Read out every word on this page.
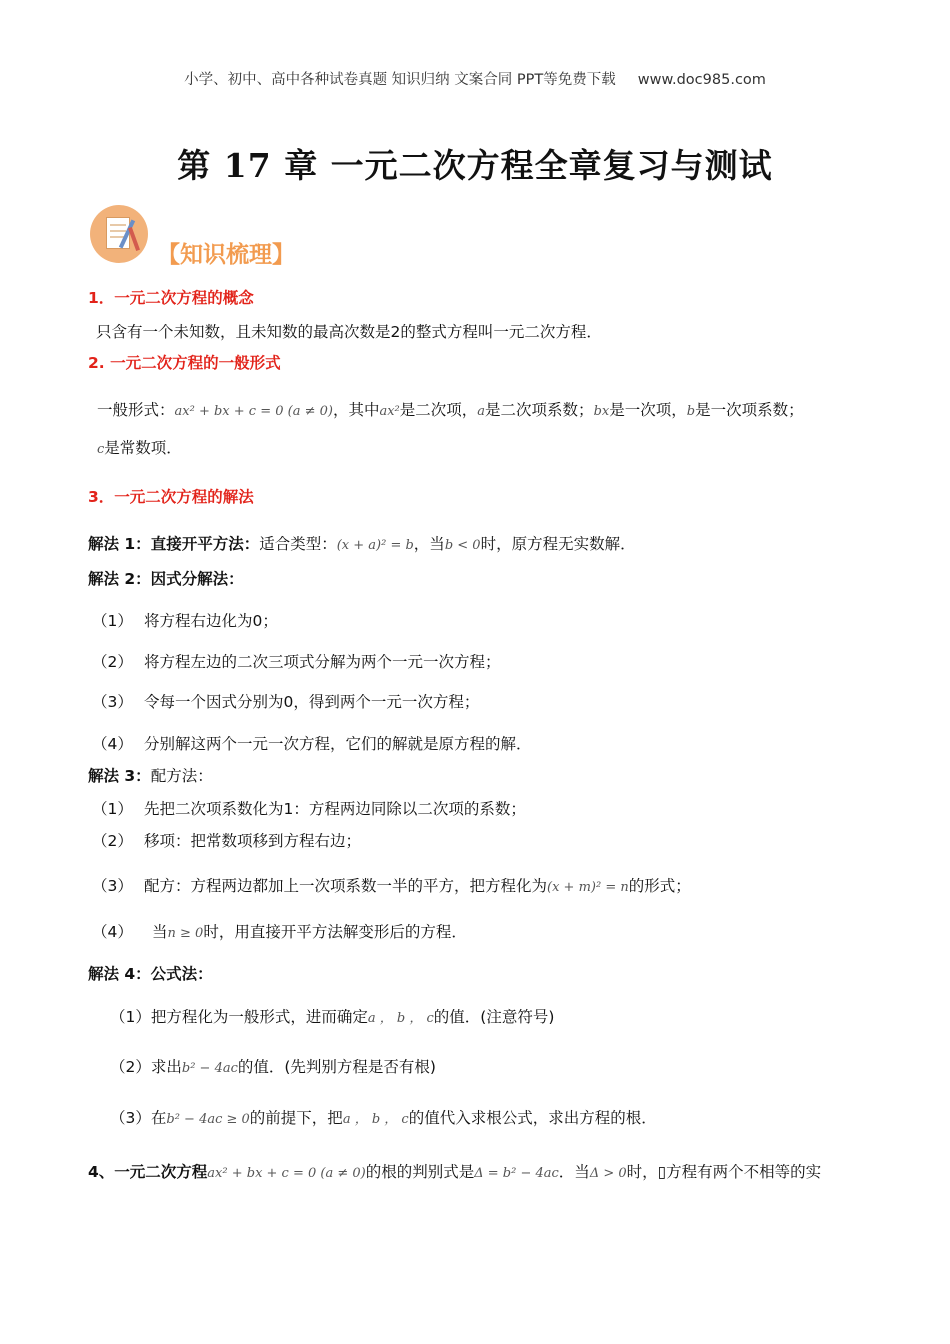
小学、初中、高中各种试卷真题 知识归纳 文案合同 PPT等免费下载 www.doc985.com
第 17 章 一元二次方程全章复习与测试
【知识梳理】
1．一元二次方程的概念
只含有一个未知数，且未知数的最高次数是2的整式方程叫一元二次方程．
2. 一元二次方程的一般形式
一般形式：ax² + bx + c = 0 (a ≠ 0)，其中ax²是二次项，a是二次项系数；bx是一次项，b是一次项系数；
c是常数项．
3．一元二次方程的解法
解法 1：直接开平方法：适合类型：(x + a)² = b，当b < 0时，原方程无实数解．
解法 2：因式分解法：
（1） 将方程右边化为0；
（2） 将方程左边的二次三项式分解为两个一元一次方程；
（3） 令每一个因式分别为0，得到两个一元一次方程；
（4） 分别解这两个一元一次方程，它们的解就是原方程的解．
解法 3：配方法：
（1） 先把二次项系数化为1：方程两边同除以二次项的系数；
（2） 移项：把常数项移到方程右边；
（3） 配方：方程两边都加上一次项系数一半的平方，把方程化为(x + m)² = n的形式；
（4） 当n ≥ 0时，用直接开平方法解变形后的方程．
解法 4：公式法：
（1）把方程化为一般形式，进而确定a ， b ， c的值．(注意符号)
（2）求出b² − 4ac的值．(先判别方程是否有根)
（3）在b² − 4ac ≥ 0的前提下，把a ， b ， c的值代入求根公式，求出方程的根．
4、一元二次方程ax² + bx + c = 0 (a ≠ 0)的根的判别式是Δ = b² − 4ac．当Δ > 0时，▯方程有两个不相等的实
